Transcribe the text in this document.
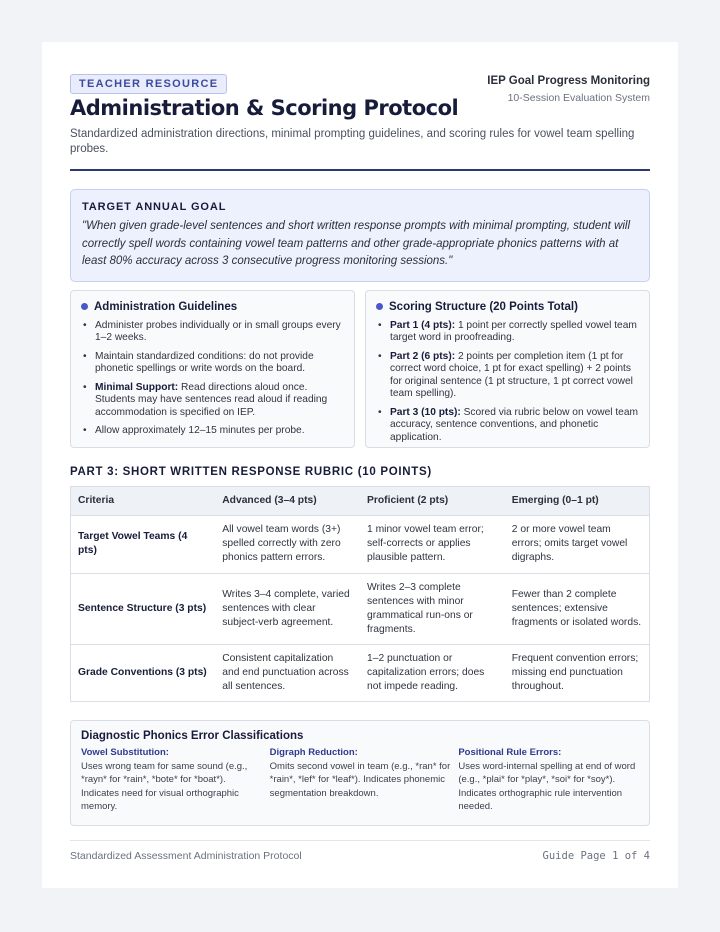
TEACHER RESOURCE
Administration & Scoring Protocol
IEP Goal Progress Monitoring
10-Session Evaluation System
Standardized administration directions, minimal prompting guidelines, and scoring rules for vowel team spelling probes.
TARGET ANNUAL GOAL
"When given grade-level sentences and short written response prompts with minimal prompting, student will correctly spell words containing vowel team patterns and other grade-appropriate phonics patterns with at least 80% accuracy across 3 consecutive progress monitoring sessions."
Administration Guidelines
• Administer probes individually or in small groups every 1–2 weeks.
• Maintain standardized conditions: do not provide phonetic spellings or write words on the board.
• Minimal Support: Read directions aloud once. Students may have sentences read aloud if reading accommodation is specified on IEP.
• Allow approximately 12–15 minutes per probe.
Scoring Structure (20 Points Total)
• Part 1 (4 pts): 1 point per correctly spelled vowel team target word in proofreading.
• Part 2 (6 pts): 2 points per completion item (1 pt for correct word choice, 1 pt for exact spelling) + 2 points for original sentence (1 pt structure, 1 pt correct vowel team spelling).
• Part 3 (10 pts): Scored via rubric below on vowel team accuracy, sentence conventions, and phonetic application.
PART 3: SHORT WRITTEN RESPONSE RUBRIC (10 POINTS)
Criteria	Advanced (3–4 pts)	Proficient (2 pts)	Emerging (0–1 pt)
Target Vowel Teams (4 pts)	All vowel team words (3+) spelled correctly with zero phonics pattern errors.	1 minor vowel team error; self-corrects or applies plausible pattern.	2 or more vowel team errors; omits target vowel digraphs.
Sentence Structure (3 pts)	Writes 3–4 complete, varied sentences with clear subject-verb agreement.	Writes 2–3 complete sentences with minor grammatical run-ons or fragments.	Fewer than 2 complete sentences; extensive fragments or isolated words.
Grade Conventions (3 pts)	Consistent capitalization and end punctuation across all sentences.	1–2 punctuation or capitalization errors; does not impede reading.	Frequent convention errors; missing end punctuation throughout.
Diagnostic Phonics Error Classifications
Vowel Substitution:
Uses wrong team for same sound (e.g., *rayn* for *rain*, *bote* for *boat*). Indicates need for visual orthographic memory.
Digraph Reduction:
Omits second vowel in team (e.g., *ran* for *rain*, *lef* for *leaf*). Indicates phonemic segmentation breakdown.
Positional Rule Errors:
Uses word-internal spelling at end of word (e.g., *plai* for *play*, *soi* for *soy*). Indicates orthographic rule intervention needed.
Standardized Assessment Administration Protocol	Guide Page 1 of 4
